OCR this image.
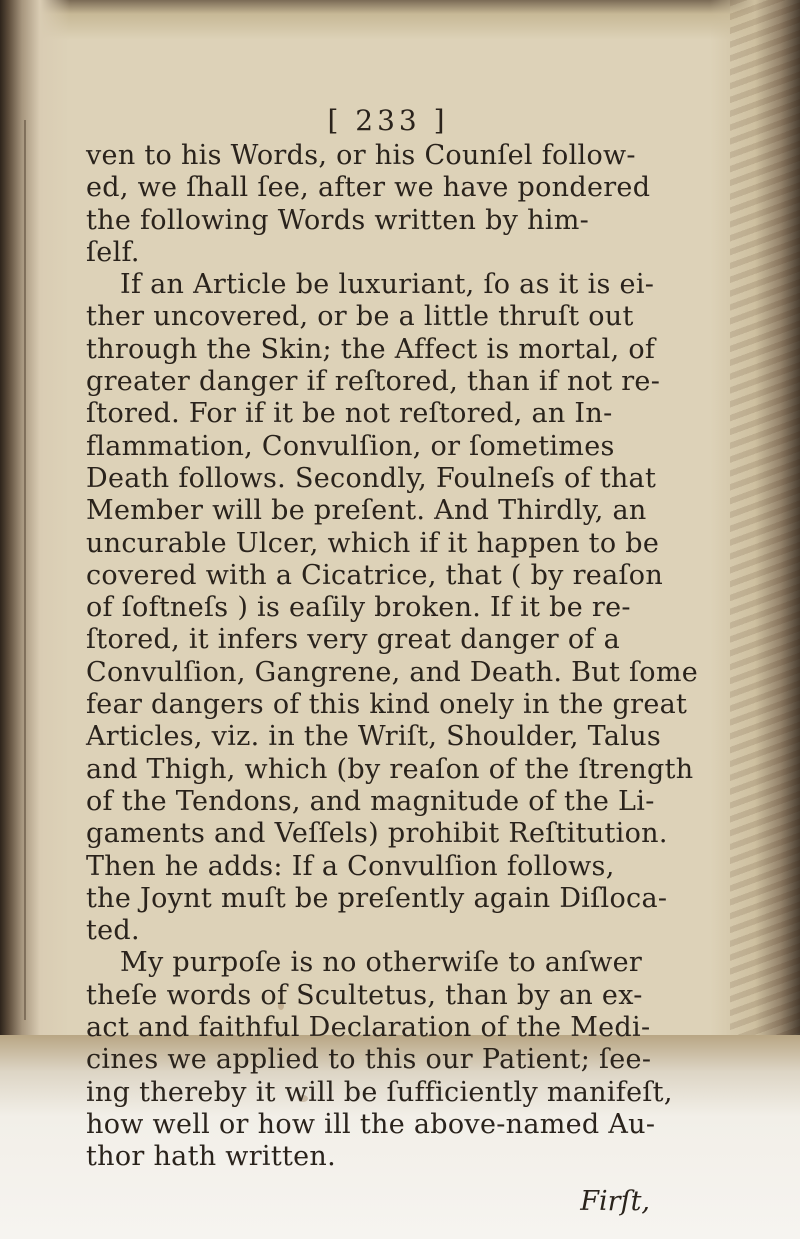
[ 233 ]
ven to his Words, or his Counſel follow-
ed, we ſhall ſee, after we have pondered
the following Words written by him-
ſelf.
If an Article be luxuriant, ſo as it is ei-
ther uncovered, or be a little thruſt out
through the Skin; the Affect is mortal, of
greater danger if reſtored, than if not re-
ſtored. For if it be not reſtored, an In-
flammation, Convulſion, or ſometimes
Death follows. Secondly, Foulneſs of that
Member will be preſent. And Thirdly, an
uncurable Ulcer, which if it happen to be
covered with a Cicatrice, that ( by reaſon
of ſoftneſs ) is eaſily broken. If it be re-
ſtored, it infers very great danger of a
Convulſion, Gangrene, and Death. But ſome
fear dangers of this kind onely in the great
Articles, viz. in the Wriſt, Shoulder, Talus
and Thigh, which (by reaſon of the ſtrength
of the Tendons, and magnitude of the Li-
gaments and Veſſels) prohibit Reſtitution.
Then he adds: If a Convulſion follows,
the Joynt muſt be preſently again Diſloca-
ted.
My purpoſe is no otherwiſe to anſwer
theſe words of Scultetus, than by an ex-
act and faithful Declaration of the Medi-
cines we applied to this our Patient; ſee-
ing thereby it will be ſufficiently manifeſt,
how well or how ill the above-named Au-
thor hath written.
Firſt,
